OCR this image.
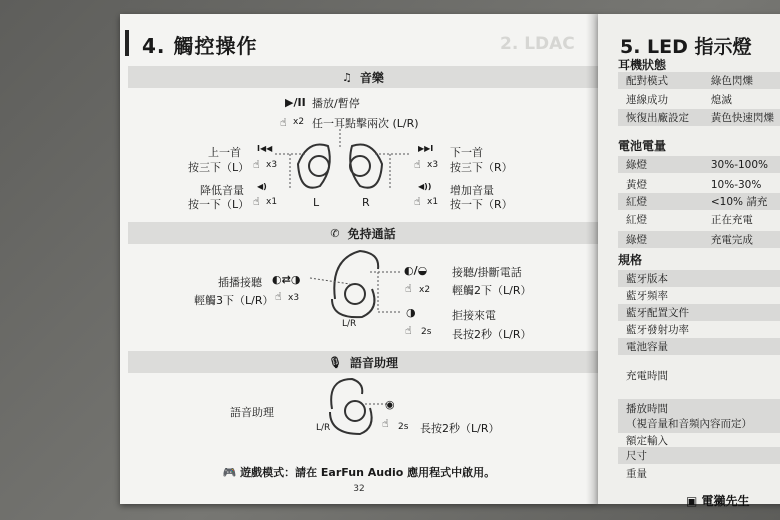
4. 觸控操作	2. LDAC
♫ 音樂
▶/II 播放/暫停
☝ x2 任一耳點擊兩次 (L/R)
上一首
按三下（L）
I◀◀
☝ x3
降低音量
按一下（L）
◀)
☝ x1
▶▶I 下一首
☝ x3 按三下（R）
◀)) 增加音量
☝ x1 按一下（R）
L	R
✆ 免持通話
插播接聽 ◐⇄◑
輕觸3下（L/R） ☝ x3
L/R
◐/◒ 接聽/掛斷電話
☝ x2 輕觸2下（L/R）
◑	拒接來電
☝ 2s 長按2秒（L/R）
🎙 語音助理
語音助理
L/R
◉
☝ 2s 長按2秒（L/R）
🎮 遊戲模式：請在 EarFun Audio 應用程式中啟用。
32
5. LED 指示燈
耳機狀態
配對模式	綠色閃爍
連線成功	熄滅
恢復出廠設定	黃色快速閃爍
電池電量
綠燈	30%-100%
黃燈	10%-30%
紅燈	<10% 請充
紅燈	正在充電
綠燈	充電完成
規格
藍牙版本
藍牙頻率
藍牙配置文件
藍牙發射功率
電池容量
充電時間
播放時間
（視音量和音頻內容而定）
額定輸入
尺寸
重量
▣ 電獺先生
